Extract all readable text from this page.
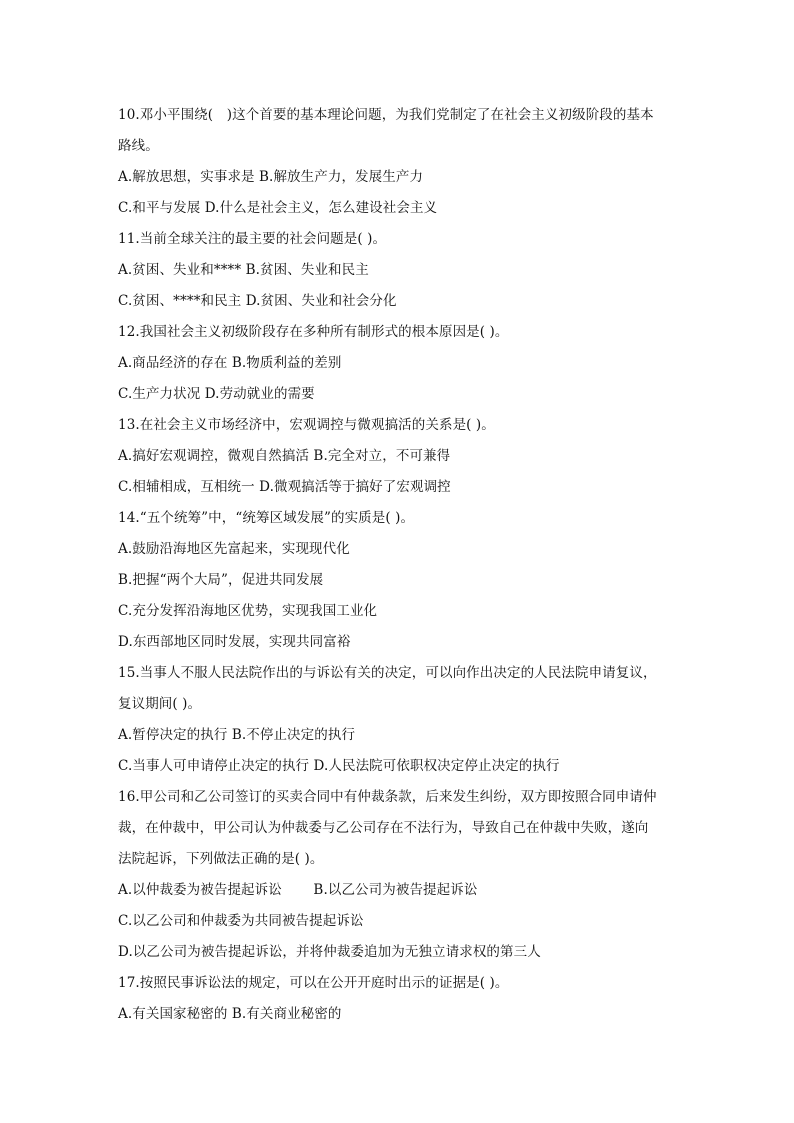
10.邓小平围绕(　)这个首要的基本理论问题，为我们党制定了在社会主义初级阶段的基本
路线。
A.解放思想，实事求是 B.解放生产力，发展生产力
C.和平与发展 D.什么是社会主义，怎么建设社会主义
11.当前全球关注的最主要的社会问题是( )。
A.贫困、失业和**** B.贫困、失业和民主
C.贫困、****和民主 D.贫困、失业和社会分化
12.我国社会主义初级阶段存在多种所有制形式的根本原因是( )。
A.商品经济的存在 B.物质利益的差别
C.生产力状况 D.劳动就业的需要
13.在社会主义市场经济中，宏观调控与微观搞活的关系是( )。
A.搞好宏观调控，微观自然搞活 B.完全对立，不可兼得
C.相辅相成，互相统一 D.微观搞活等于搞好了宏观调控
14.“五个统筹”中，“统筹区域发展”的实质是( )。
A.鼓励沿海地区先富起来，实现现代化
B.把握“两个大局”，促进共同发展
C.充分发挥沿海地区优势，实现我国工业化
D.东西部地区同时发展，实现共同富裕
15.当事人不服人民法院作出的与诉讼有关的决定，可以向作出决定的人民法院申请复议，
复议期间( )。
A.暂停决定的执行 B.不停止决定的执行
C.当事人可申请停止决定的执行 D.人民法院可依职权决定停止决定的执行
16.甲公司和乙公司签订的买卖合同中有仲裁条款，后来发生纠纷，双方即按照合同申请仲
裁，在仲裁中，甲公司认为仲裁委与乙公司存在不法行为，导致自己在仲裁中失败，遂向
法院起诉，下列做法正确的是( )。
A.以仲裁委为被告提起诉讼　　 B.以乙公司为被告提起诉讼
C.以乙公司和仲裁委为共同被告提起诉讼
D.以乙公司为被告提起诉讼，并将仲裁委追加为无独立请求权的第三人
17.按照民事诉讼法的规定，可以在公开开庭时出示的证据是( )。
A.有关国家秘密的 B.有关商业秘密的
